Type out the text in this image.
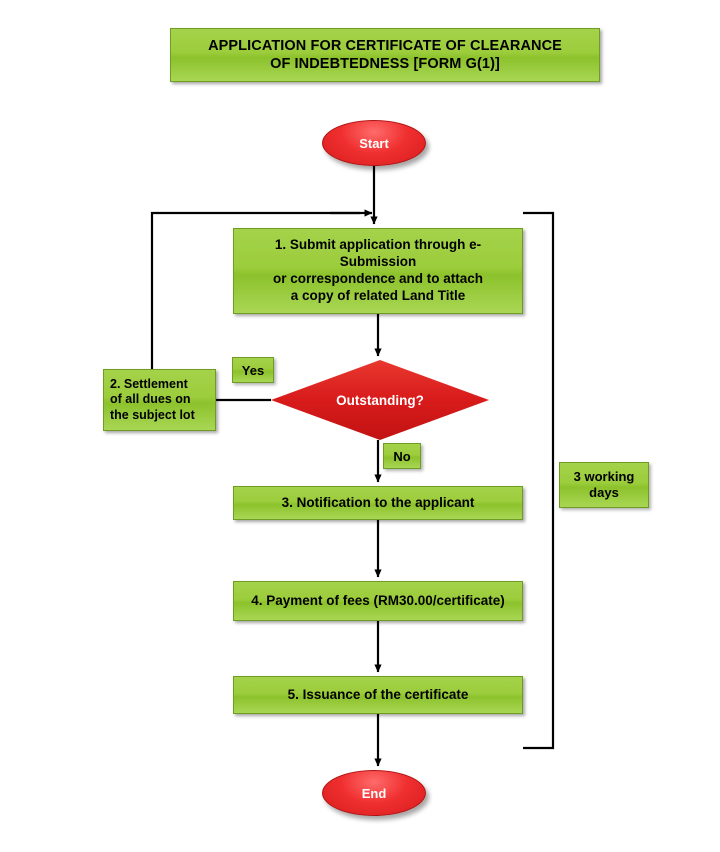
APPLICATION FOR CERTIFICATE OF CLEARANCE
OF INDEBTEDNESS [FORM G(1)]
Start
1. Submit application through e-
Submission
or correspondence and to attach
a copy of related Land Title
2. Settlement
of all dues on
the subject lot
Yes
Outstanding?
No
3. Notification to the applicant
4. Payment of fees (RM30.00/certificate)
5. Issuance of the certificate
3 working
days
End
